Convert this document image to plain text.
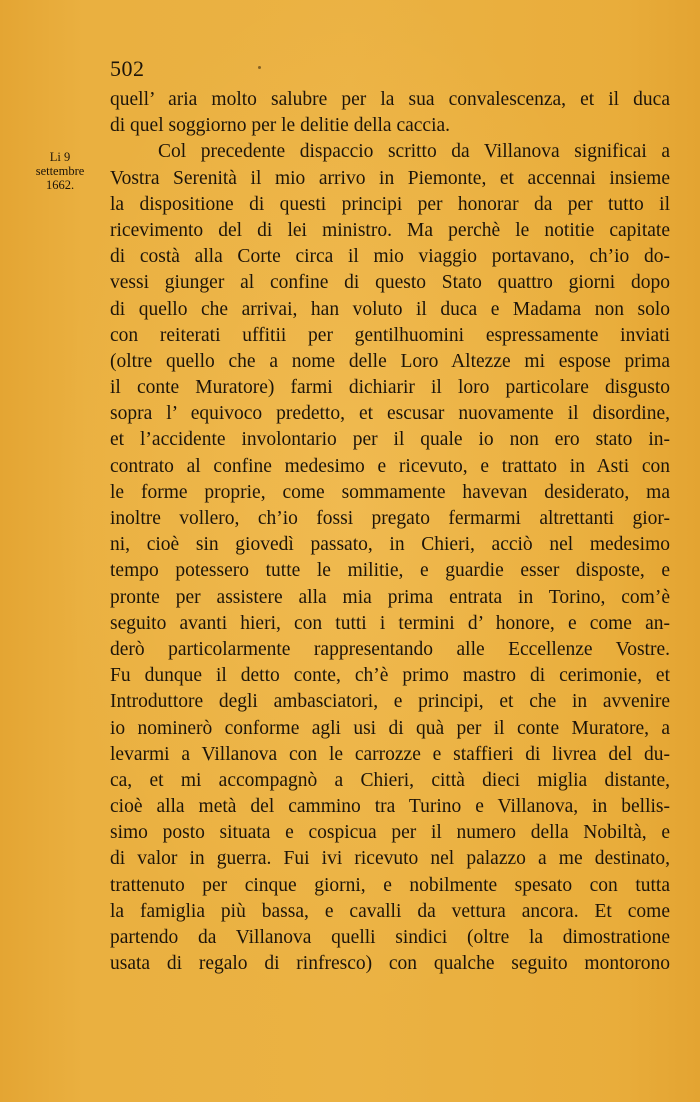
502
Li 9
settembre
1662.
quell’ aria molto salubre per la sua convalescenza, et il duca
di quel soggiorno per le delitie della caccia.
Col precedente dispaccio scritto da Villanova significai a
Vostra Serenità il mio arrivo in Piemonte, et accennai insieme
la dispositione di questi principi per honorar da per tutto il
ricevimento del di lei ministro. Ma perchè le notitie capitate
di costà alla Corte circa il mio viaggio portavano, ch’io do-
vessi giunger al confine di questo Stato quattro giorni dopo
di quello che arrivai, han voluto il duca e Madama non solo
con reiterati uffitii per gentilhuomini espressamente inviati
(oltre quello che a nome delle Loro Altezze mi espose prima
il conte Muratore) farmi dichiarir il loro particolare disgusto
sopra l’ equivoco predetto, et escusar nuovamente il disordine,
et l’accidente involontario per il quale io non ero stato in-
contrato al confine medesimo e ricevuto, e trattato in Asti con
le forme proprie, come sommamente havevan desiderato, ma
inoltre vollero, ch’io fossi pregato fermarmi altrettanti gior-
ni, cioè sin giovedì passato, in Chieri, acciò nel medesimo
tempo potessero tutte le militie, e guardie esser disposte, e
pronte per assistere alla mia prima entrata in Torino, com’è
seguito avanti hieri, con tutti i termini d’ honore, e come an-
derò particolarmente rappresentando alle Eccellenze Vostre.
Fu dunque il detto conte, ch’è primo mastro di cerimonie, et
Introduttore degli ambasciatori, e principi, et che in avvenire
io nominerò conforme agli usi di quà per il conte Muratore, a
levarmi a Villanova con le carrozze e staffieri di livrea del du-
ca, et mi accompagnò a Chieri, città dieci miglia distante,
cioè alla metà del cammino tra Turino e Villanova, in bellis-
simo posto situata e cospicua per il numero della Nobiltà, e
di valor in guerra. Fui ivi ricevuto nel palazzo a me destinato,
trattenuto per cinque giorni, e nobilmente spesato con tutta
la famiglia più bassa, e cavalli da vettura ancora. Et come
partendo da Villanova quelli sindici (oltre la dimostratione
usata di regalo di rinfresco) con qualche seguito montorono
